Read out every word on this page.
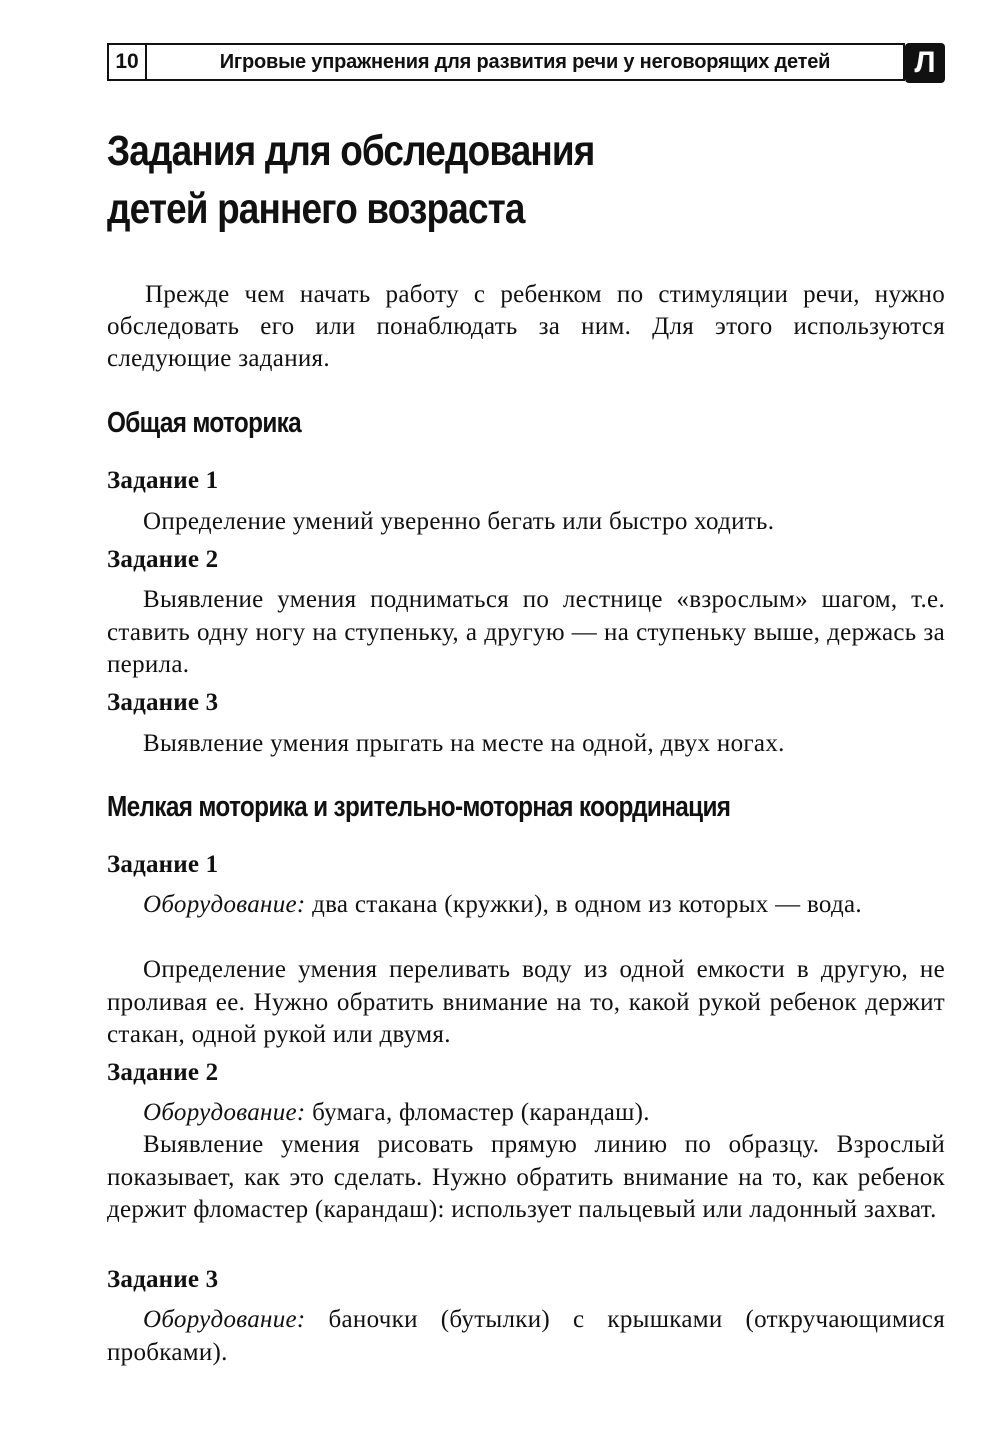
10	Игровые упражнения для развития речи у неговорящих детей	Л
Задания для обследования
детей раннего возраста

Прежде чем начать работу с ребенком по стимуляции речи, нужно обследовать его или понаблюдать за ним. Для этого используются следующие задания.

Общая моторика
Задание 1

Определение умений уверенно бегать или быстро ходить.

Задание 2

Выявление умения подниматься по лестнице «взрослым» шагом, т.е. ставить одну ногу на ступеньку, а другую — на ступеньку выше, держась за перила.

Задание 3

Выявление умения прыгать на месте на одной, двух ногах.

Мелкая моторика и зрительно-моторная координация
Задание 1

Оборудование: два стакана (кружки), в одном из которых — вода.

Определение умения переливать воду из одной емкости в другую, не проливая ее. Нужно обратить внимание на то, какой рукой ребенок держит стакан, одной рукой или двумя.

Задание 2

Оборудование: бумага, фломастер (карандаш).

Выявление умения рисовать прямую линию по образцу. Взрослый показывает, как это сделать. Нужно обратить внимание на то, как ребенок держит фломастер (карандаш): использует пальцевый или ладонный захват.

Задание 3

Оборудование: баночки (бутылки) с крышками (откручающимися пробками).
